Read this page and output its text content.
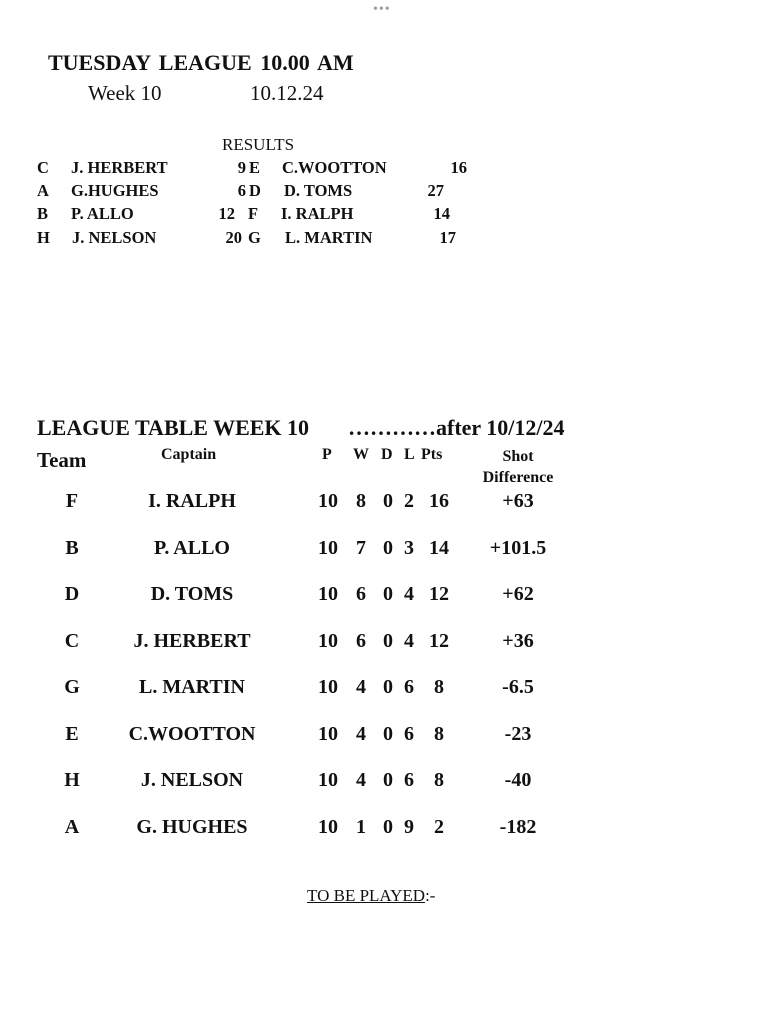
•••
TUESDAY LEAGUE 10.00 AM
Week 10	10.12.24
RESULTS
C J. HERBERT	9 E C.WOOTTON	16
A G.HUGHES	6 D D. TOMS	27
B P. ALLO	12 F I. RALPH	14
H J. NELSON	20 G L. MARTIN	17
LEAGUE TABLE WEEK 10 …………after 10/12/24
Team	Captain	P W D L Pts	Shot Difference
F	I. RALPH	10 8 0 2 16	+63
B	P. ALLO	10 7 0 3 14	+101.5
D	D. TOMS	10 6 0 4 12	+62
C	J. HERBERT	10 6 0 4 12	+36
G	L. MARTIN	10 4 0 6	8	-6.5
E	C.WOOTTON	10 4 0 6	8	-23
H	J. NELSON	10 4 0 6	8	-40
A	G. HUGHES	10 1 0 9	2	-182
TO BE PLAYED:-
